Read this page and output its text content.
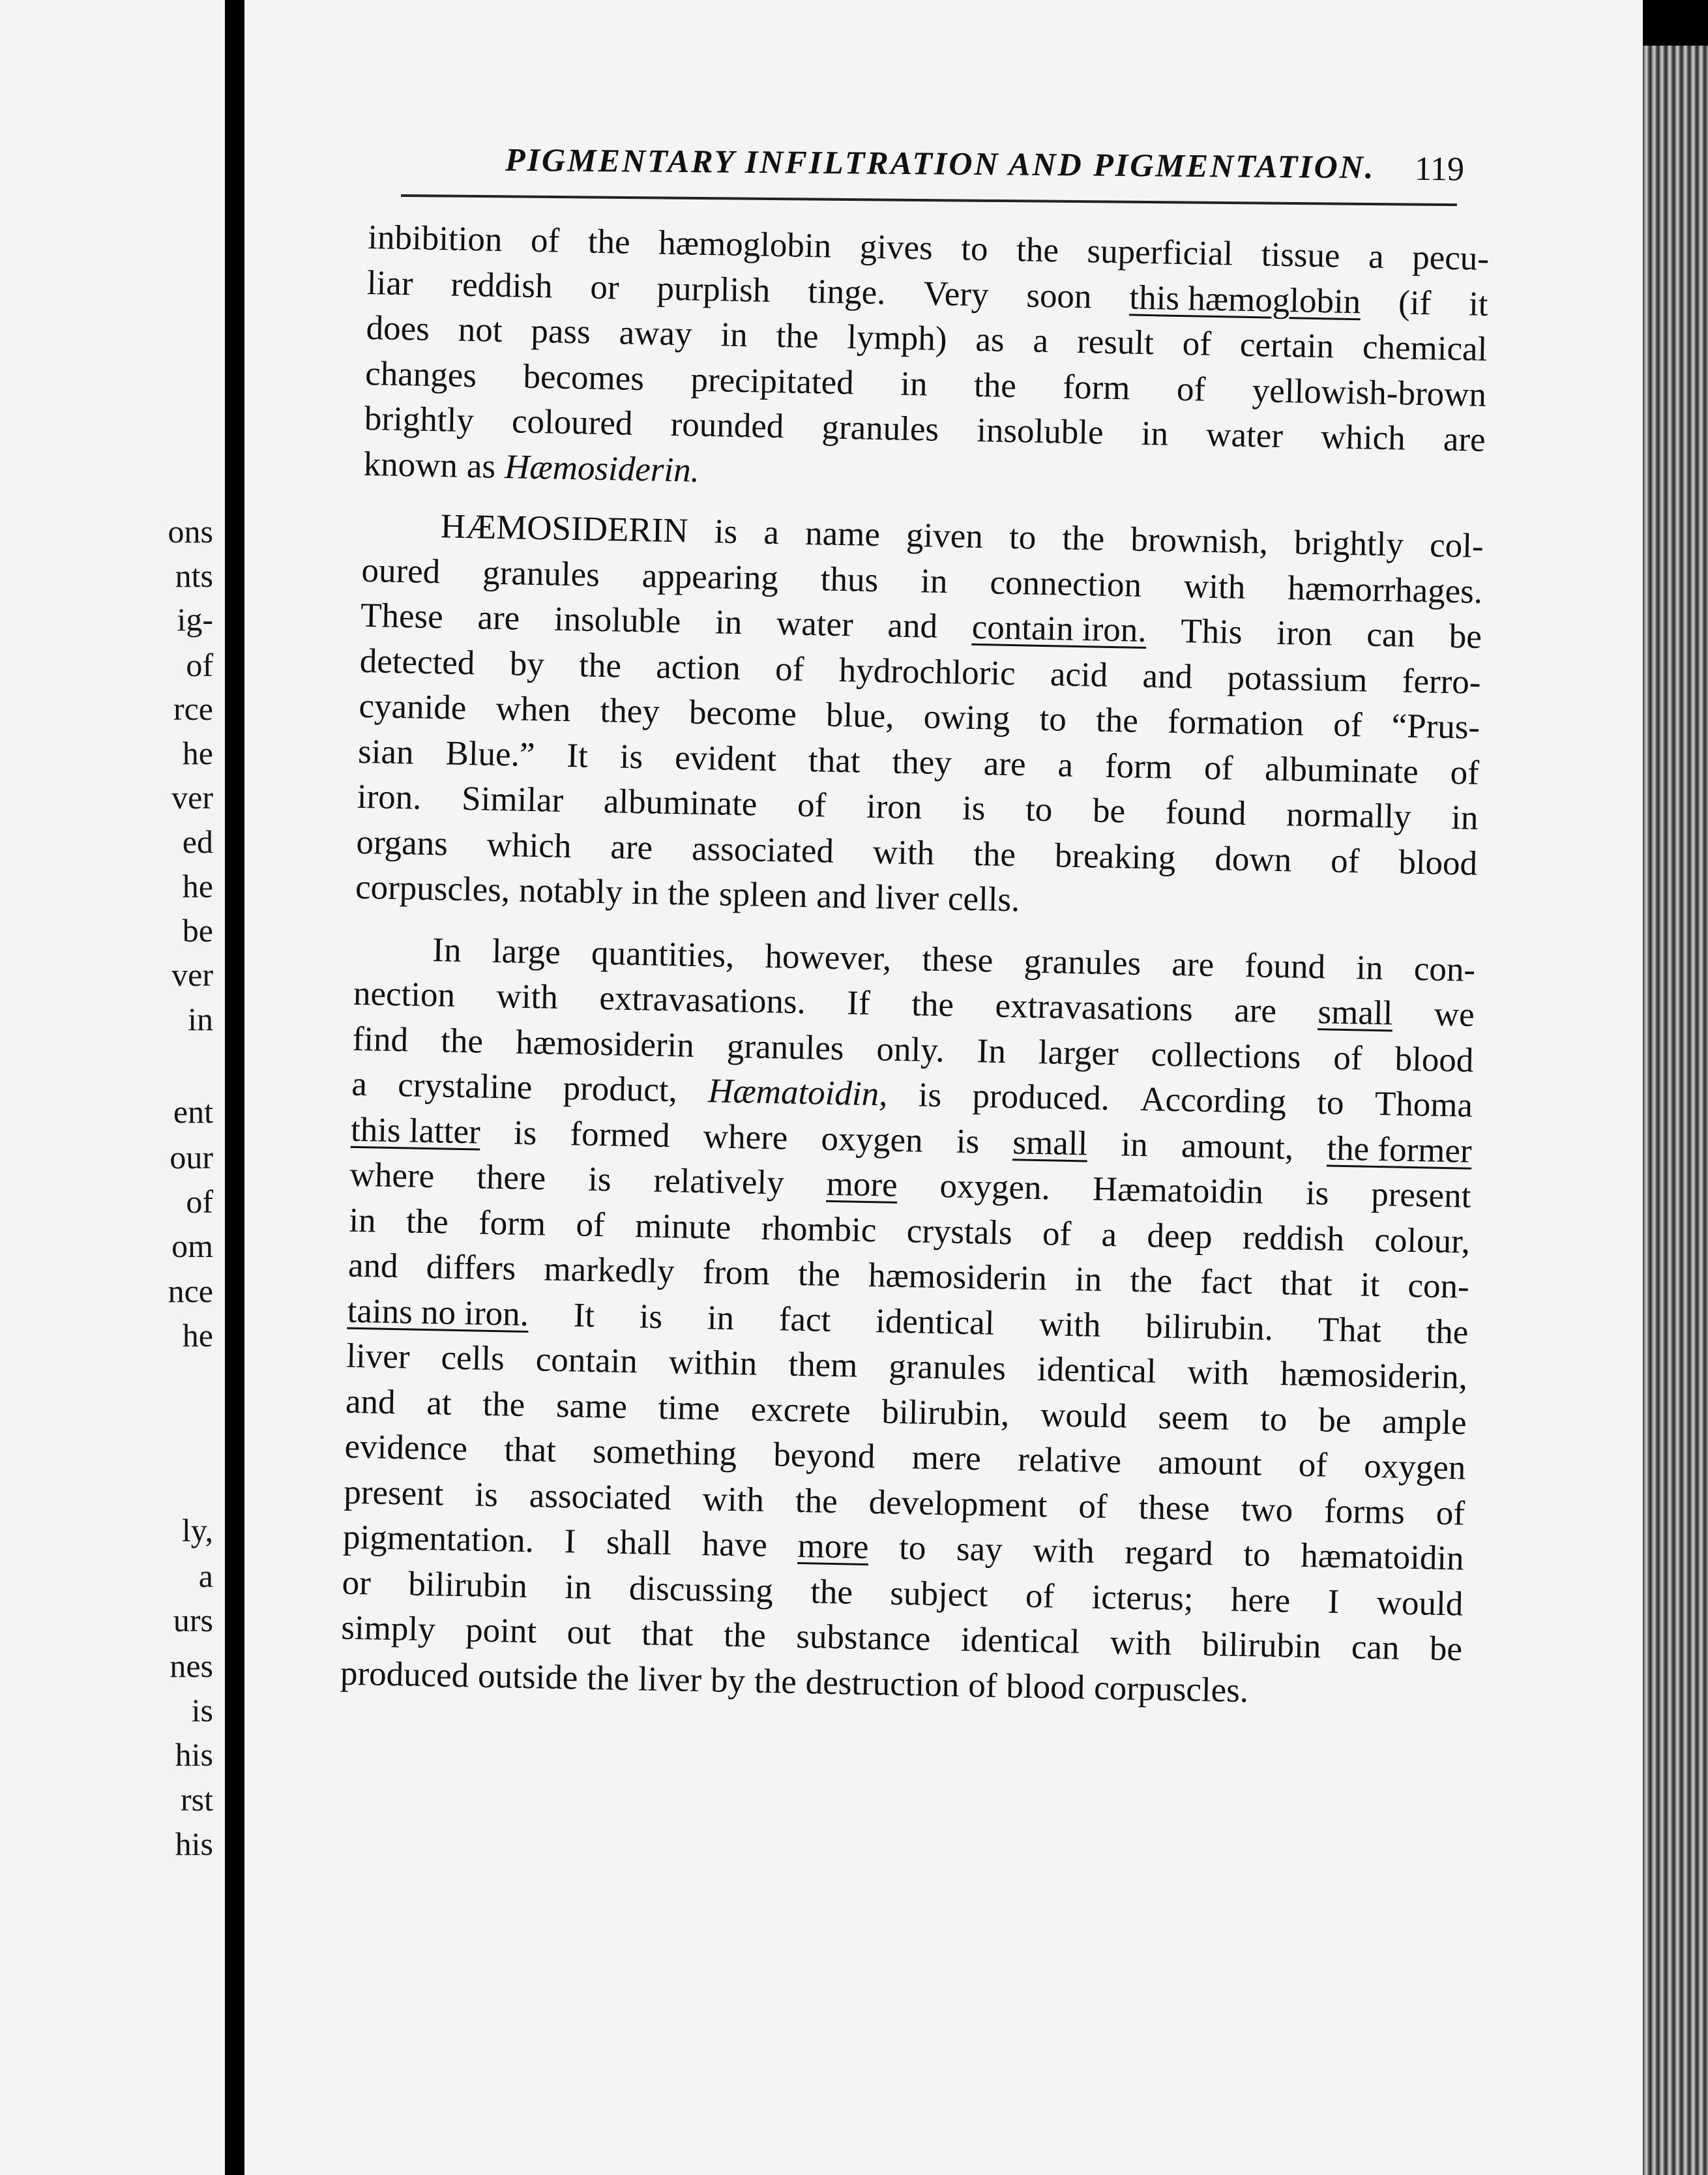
ons
nts
ig-
of
rce
he
ver
ed
he
be
ver
in
ent
our
of
om
nce
he
ly,
a
urs
nes
is
his
rst
his
PIGMENTARY INFILTRATION AND PIGMENTATION. 119
inbibition of the hæmoglobin gives to the superficial tissue a pecu-
liar reddish or purplish tinge. Very soon this hæmoglobin (if it
does not pass away in the lymph) as a result of certain chemical
changes becomes precipitated in the form of yellowish-brown
brightly coloured rounded granules insoluble in water which are
known as Hæmosiderin.
HÆMOSIDERIN is a name given to the brownish, brightly col-
oured granules appearing thus in connection with hæmorrhages.
These are insoluble in water and contain iron. This iron can be
detected by the action of hydrochloric acid and potassium ferro-
cyanide when they become blue, owing to the formation of “Prus-
sian Blue.” It is evident that they are a form of albuminate of
iron. Similar albuminate of iron is to be found normally in
organs which are associated with the breaking down of blood
corpuscles, notably in the spleen and liver cells.
In large quantities, however, these granules are found in con-
nection with extravasations. If the extravasations are small we
find the hæmosiderin granules only. In larger collections of blood
a crystaline product, Hæmatoidin, is produced. According to Thoma
this latter is formed where oxygen is small in amount, the former
where there is relatively more oxygen. Hæmatoidin is present
in the form of minute rhombic crystals of a deep reddish colour,
and differs markedly from the hæmosiderin in the fact that it con-
tains no iron. It is in fact identical with bilirubin. That the
liver cells contain within them granules identical with hæmosiderin,
and at the same time excrete bilirubin, would seem to be ample
evidence that something beyond mere relative amount of oxygen
present is associated with the development of these two forms of
pigmentation. I shall have more to say with regard to hæmatoidin
or bilirubin in discussing the subject of icterus; here I would
simply point out that the substance identical with bilirubin can be
produced outside the liver by the destruction of blood corpuscles.
